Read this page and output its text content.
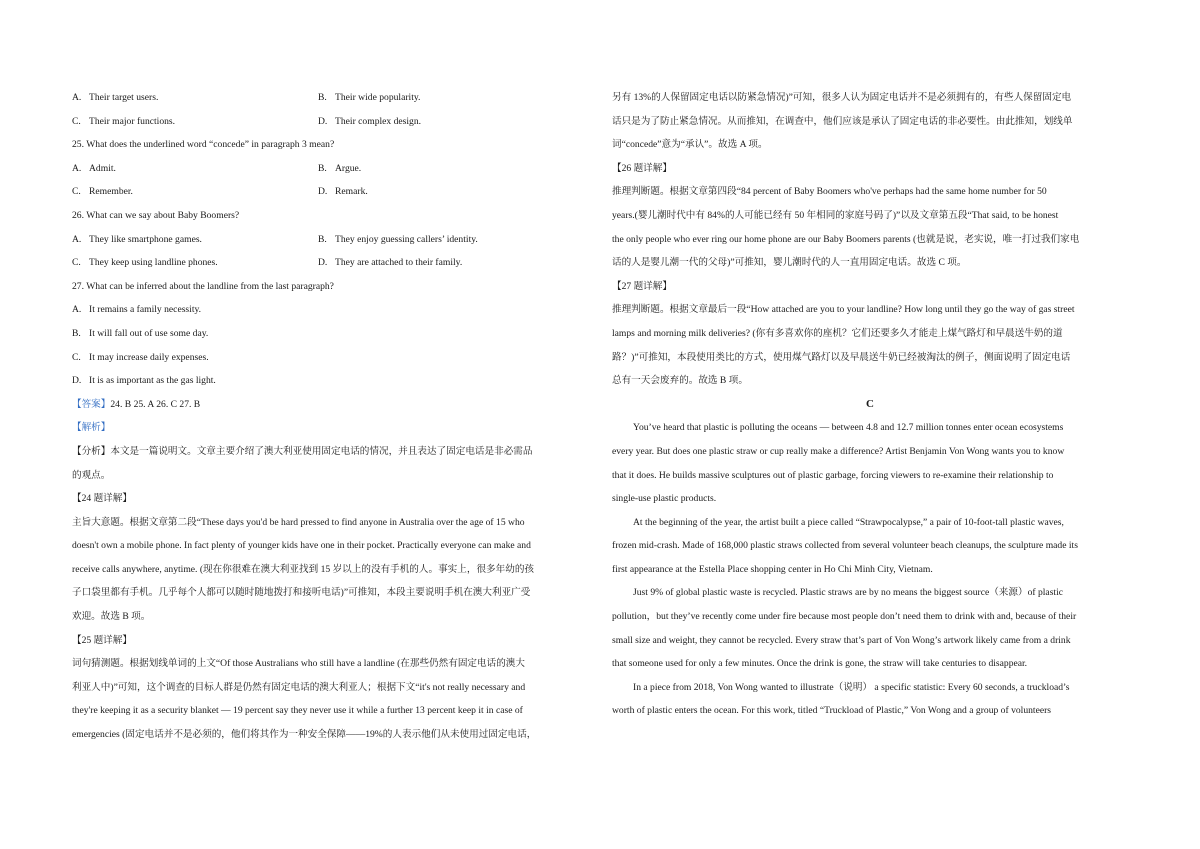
A. Their target users.	B. Their wide popularity.
C. Their major functions.	D. Their complex design.
25. What does the underlined word “concede” in paragraph 3 mean?
A. Admit.	B. Argue.
C. Remember.	D. Remark.
26. What can we say about Baby Boomers?
A. They like smartphone games.	B. They enjoy guessing callers’ identity.
C. They keep using landline phones.	D. They are attached to their family.
27. What can be inferred about the landline from the last paragraph?
A. It remains a family necessity.
B. It will fall out of use some day.
C. It may increase daily expenses.
D. It is as important as the gas light.
【答案】24. B 25. A 26. C 27. B
【解析】
【分析】本文是一篇说明文。文章主要介绍了澳大利亚使用固定电话的情况，并且表达了固定电话是非必需品
的观点。
【24 题详解】
主旨大意题。根据文章第二段“These days you'd be hard pressed to find anyone in Australia over the age of 15 who
doesn't own a mobile phone. In fact plenty of younger kids have one in their pocket. Practically everyone can make and
receive calls anywhere, anytime. (现在你很难在澳大利亚找到 15 岁以上的没有手机的人。事实上，很多年幼的孩
子口袋里都有手机。几乎每个人都可以随时随地拨打和接听电话)”可推知，本段主要说明手机在澳大利亚广受
欢迎。故选 B 项。
【25 题详解】
词句猜测题。根据划线单词的上文“Of those Australians who still have a landline (在那些仍然有固定电话的澳大
利亚人中)”可知，这个调查的目标人群是仍然有固定电话的澳大利亚人；根据下文“it's not really necessary and
they're keeping it as a security blanket — 19 percent say they never use it while a further 13 percent keep it in case of
emergencies (固定电话并不是必须的，他们将其作为一种安全保障——19%的人表示他们从未使用过固定电话，
另有 13%的人保留固定电话以防紧急情况)”可知，很多人认为固定电话并不是必须拥有的，有些人保留固定电
话只是为了防止紧急情况。从而推知，在调查中，他们应该是承认了固定电话的非必要性。由此推知，划线单
词“concede”意为“承认”。故选 A 项。
【26 题详解】
推理判断题。根据文章第四段“84 percent of Baby Boomers who've perhaps had the same home number for 50
years.(婴儿潮时代中有 84%的人可能已经有 50 年相同的家庭号码了)”以及文章第五段“That said, to be honest
the only people who ever ring our home phone are our Baby Boomers parents (也就是说，老实说，唯一打过我们家电
话的人是婴儿潮一代的父母)”可推知，婴儿潮时代的人一直用固定电话。故选 C 项。
【27 题详解】
推理判断题。根据文章最后一段“How attached are you to your landline? How long until they go the way of gas street
lamps and morning milk deliveries? (你有多喜欢你的座机？它们还要多久才能走上煤气路灯和早晨送牛奶的道
路？)”可推知，本段使用类比的方式，使用煤气路灯以及早晨送牛奶已经被淘汰的例子，侧面说明了固定电话
总有一天会废弃的。故选 B 项。
C
You’ve heard that plastic is polluting the oceans — between 4.8 and 12.7 million tonnes enter ocean ecosystems
every year. But does one plastic straw or cup really make a difference? Artist Benjamin Von Wong wants you to know
that it does. He builds massive sculptures out of plastic garbage, forcing viewers to re-examine their relationship to
single-use plastic products.
At the beginning of the year, the artist built a piece called “Strawpocalypse,” a pair of 10-foot-tall plastic waves,
frozen mid-crash. Made of 168,000 plastic straws collected from several volunteer beach cleanups, the sculpture made its
first appearance at the Estella Place shopping center in Ho Chi Minh City, Vietnam.
Just 9% of global plastic waste is recycled. Plastic straws are by no means the biggest source（来源）of plastic
pollution，but they’ve recently come under fire because most people don’t need them to drink with and, because of their
small size and weight, they cannot be recycled. Every straw that’s part of Von Wong’s artwork likely came from a drink
that someone used for only a few minutes. Once the drink is gone, the straw will take centuries to disappear.
In a piece from 2018, Von Wong wanted to illustrate（说明） a specific statistic: Every 60 seconds, a truckload’s
worth of plastic enters the ocean. For this work, titled “Truckload of Plastic,” Von Wong and a group of volunteers
